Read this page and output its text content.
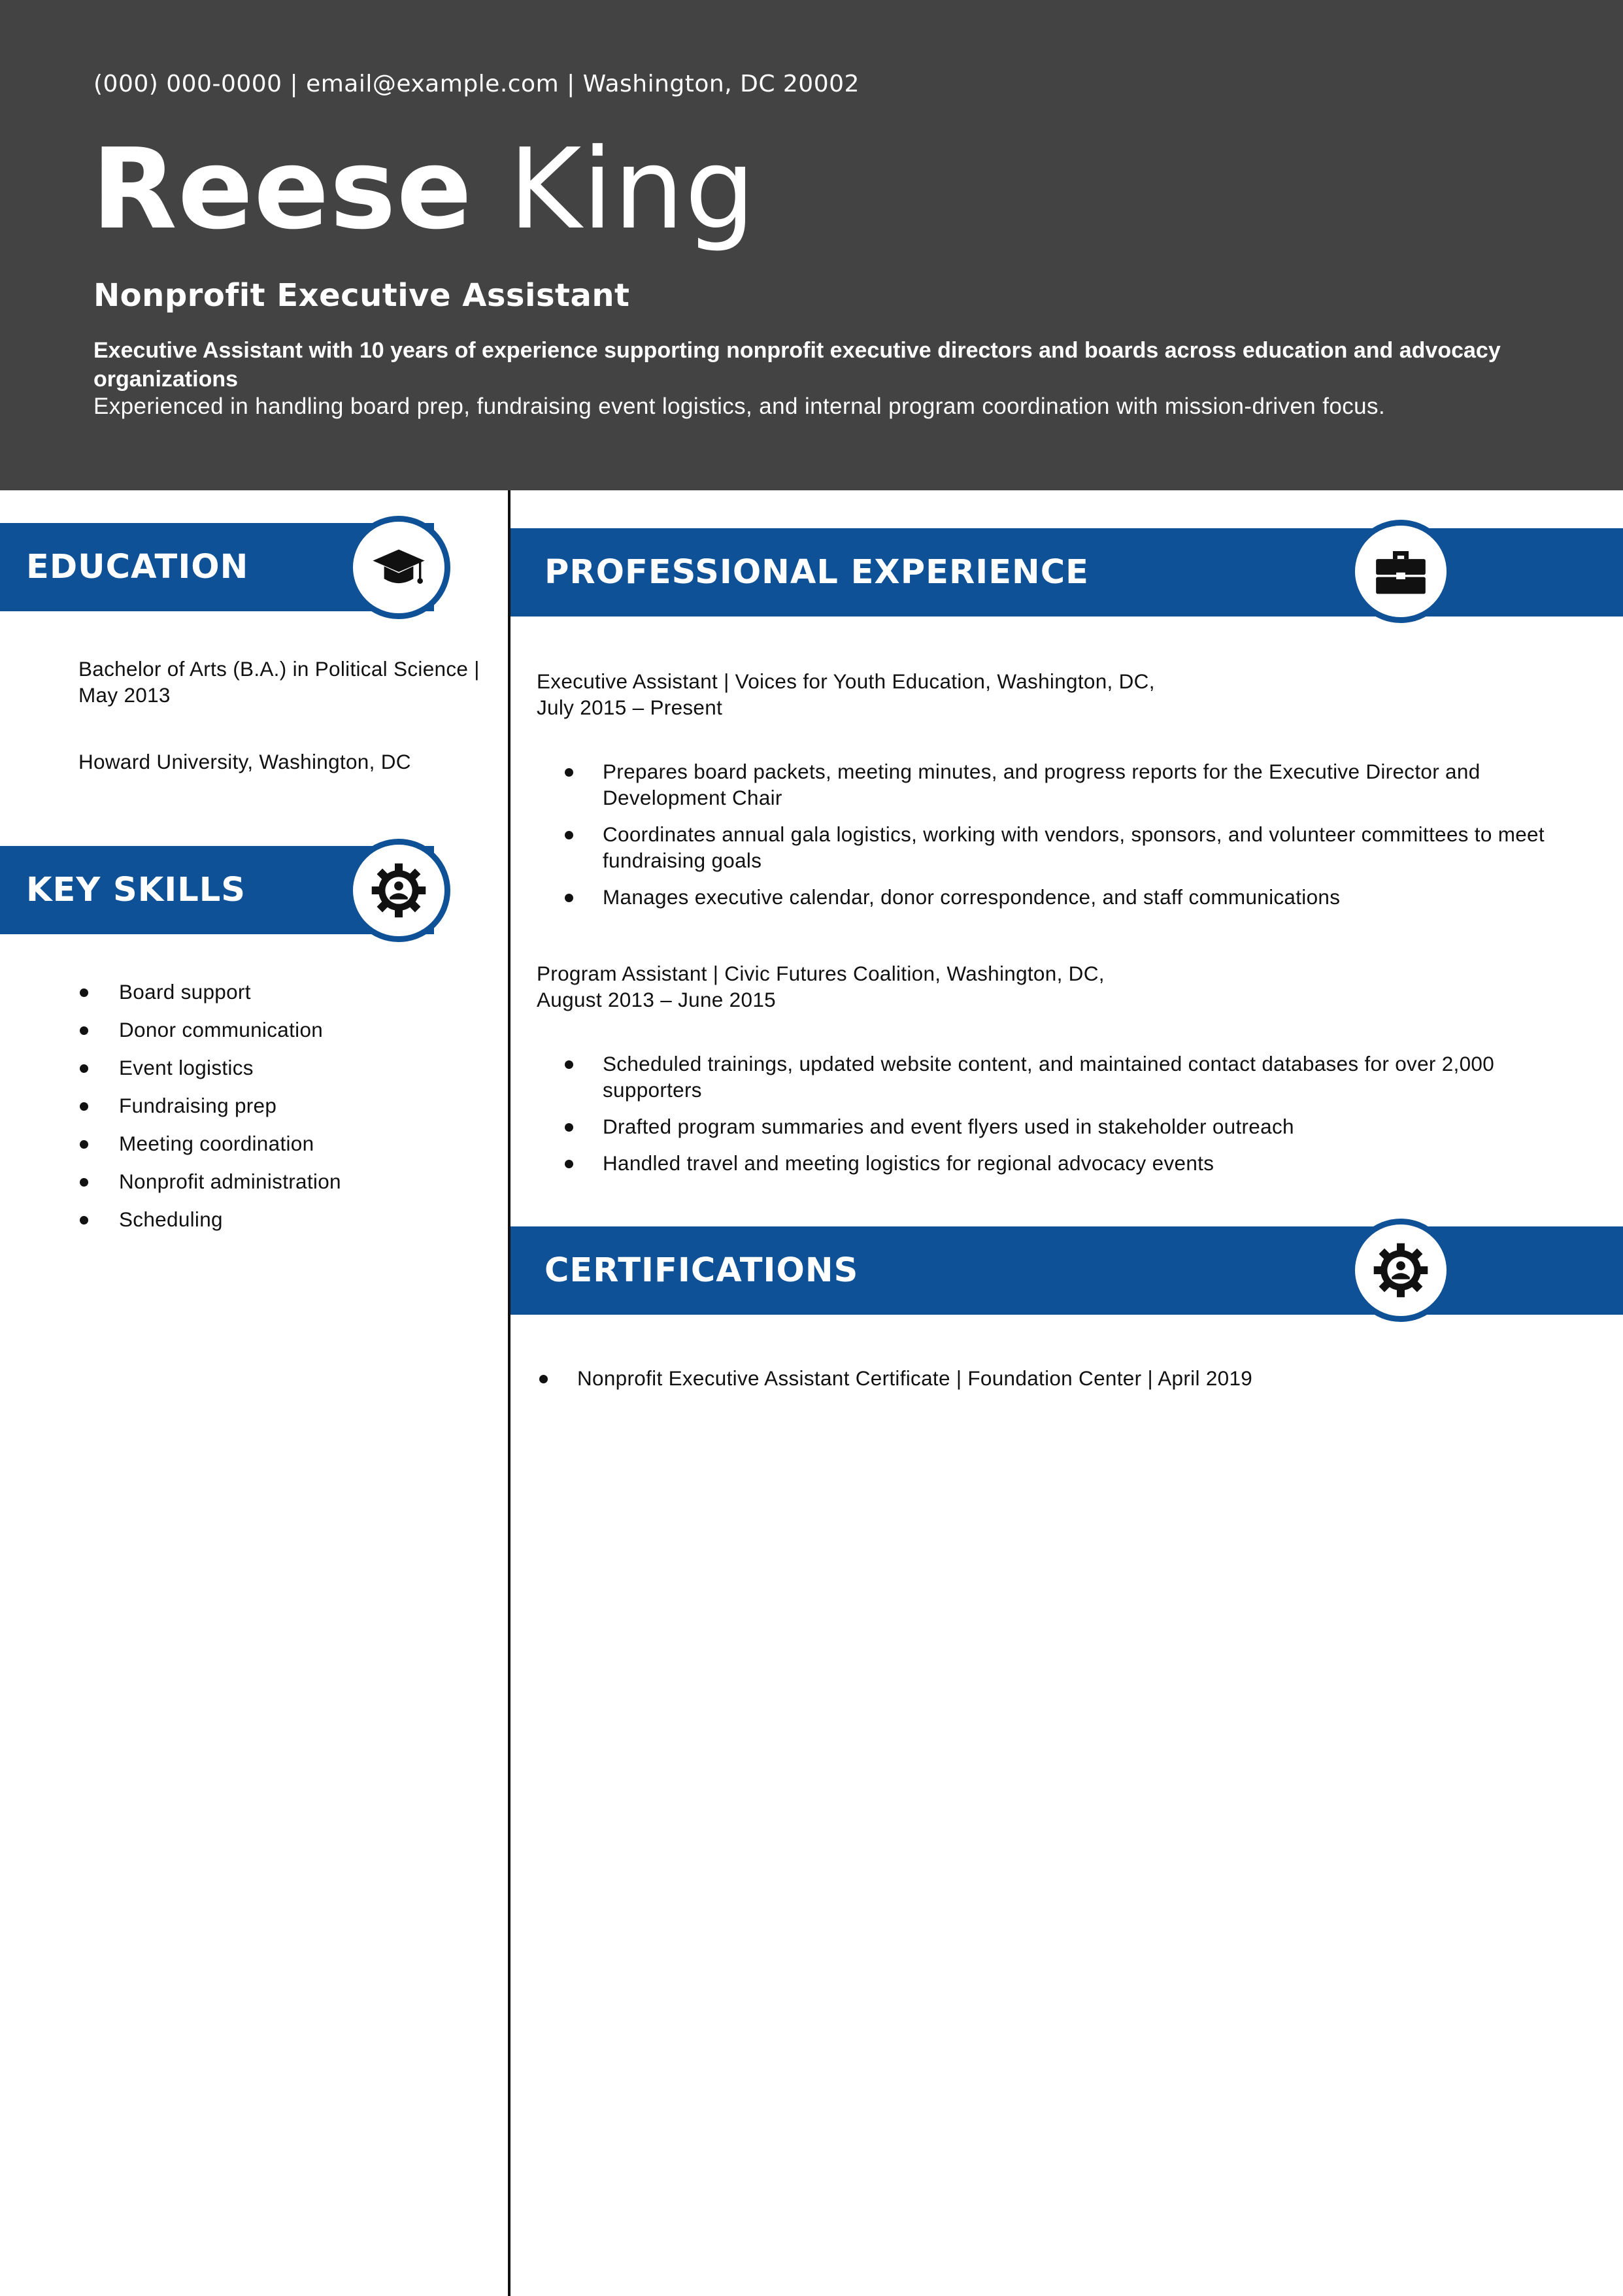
(000) 000-0000 | email@example.com | Washington, DC 20002
Reese King
Nonprofit Executive Assistant
Executive Assistant with 10 years of experience supporting nonprofit executive directors and boards across education and advocacy organizations
Experienced in handling board prep, fundraising event logistics, and internal program coordination with mission-driven focus.
EDUCATION
Bachelor of Arts (B.A.) in Political Science | May 2013
Howard University, Washington, DC
KEY SKILLS
Board support
Donor communication
Event logistics
Fundraising prep
Meeting coordination
Nonprofit administration
Scheduling
PROFESSIONAL EXPERIENCE
Executive Assistant | Voices for Youth Education, Washington, DC,
July 2015 – Present
Prepares board packets, meeting minutes, and progress reports for the Executive Director and Development Chair
Coordinates annual gala logistics, working with vendors, sponsors, and volunteer committees to meet fundraising goals
Manages executive calendar, donor correspondence, and staff communications
Program Assistant | Civic Futures Coalition, Washington, DC,
August 2013 – June 2015
Scheduled trainings, updated website content, and maintained contact databases for over 2,000 supporters
Drafted program summaries and event flyers used in stakeholder outreach
Handled travel and meeting logistics for regional advocacy events
CERTIFICATIONS
Nonprofit Executive Assistant Certificate | Foundation Center | April 2019
